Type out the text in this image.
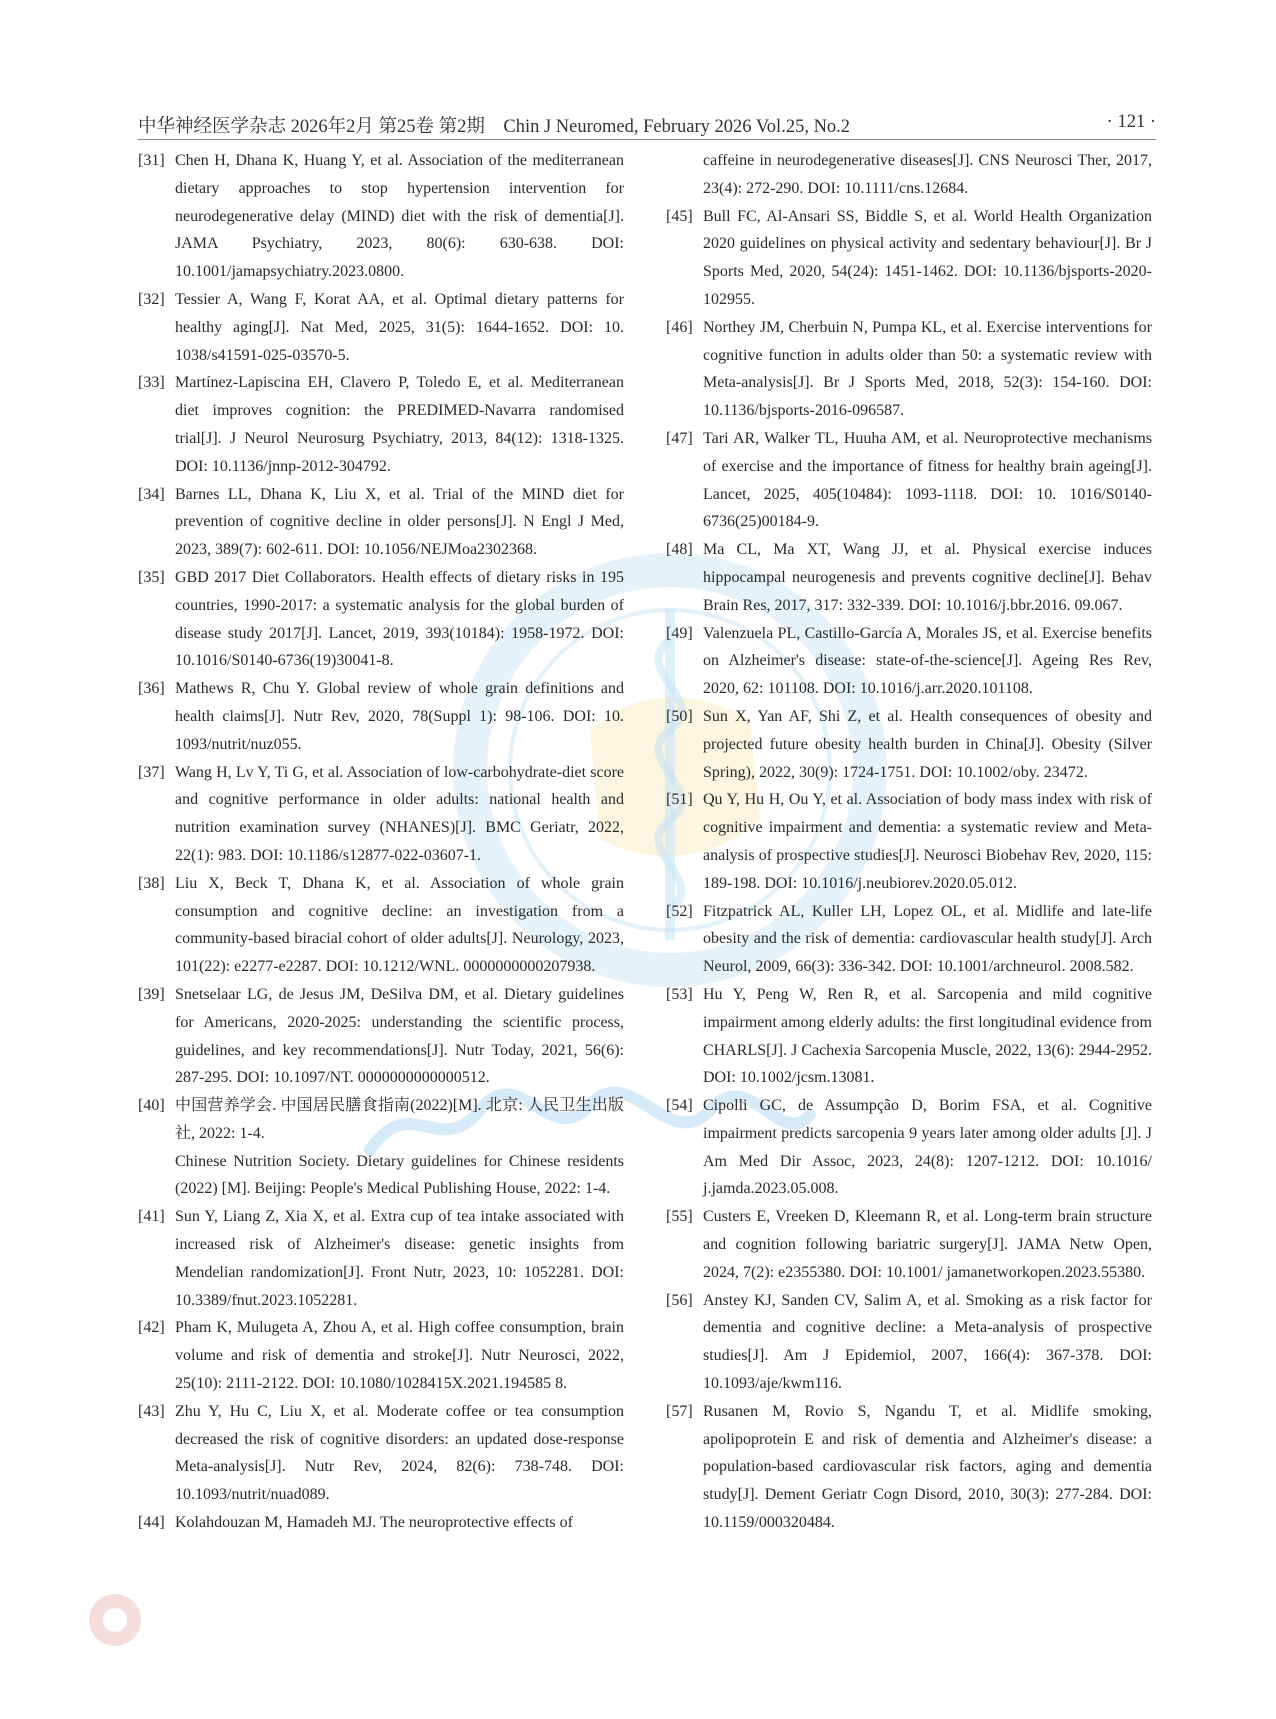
中华神经医学杂志 2026年2月 第25卷 第2期 Chin J Neuromed, February 2026 Vol.25, No.2	· 121 ·
[31] Chen H, Dhana K, Huang Y, et al. Association of the mediterranean dietary approaches to stop hypertension intervention for neurodegenerative delay (MIND) diet with the risk of dementia[J]. JAMA Psychiatry, 2023, 80(6): 630-638. DOI: 10.1001/jamapsychiatry.2023.0800.
[32] Tessier A, Wang F, Korat AA, et al. Optimal dietary patterns for healthy aging[J]. Nat Med, 2025, 31(5): 1644-1652. DOI: 10. 1038/s41591-025-03570-5.
[33] Martínez-Lapiscina EH, Clavero P, Toledo E, et al. Mediterranean diet improves cognition: the PREDIMED-Navarra randomised trial[J]. J Neurol Neurosurg Psychiatry, 2013, 84(12): 1318-1325. DOI: 10.1136/jnnp-2012-304792.
[34] Barnes LL, Dhana K, Liu X, et al. Trial of the MIND diet for prevention of cognitive decline in older persons[J]. N Engl J Med, 2023, 389(7): 602-611. DOI: 10.1056/NEJMoa2302368.
[35] GBD 2017 Diet Collaborators. Health effects of dietary risks in 195 countries, 1990-2017: a systematic analysis for the global burden of disease study 2017[J]. Lancet, 2019, 393(10184): 1958-1972. DOI: 10.1016/S0140-6736(19)30041-8.
[36] Mathews R, Chu Y. Global review of whole grain definitions and health claims[J]. Nutr Rev, 2020, 78(Suppl 1): 98-106. DOI: 10. 1093/nutrit/nuz055.
[37] Wang H, Lv Y, Ti G, et al. Association of low-carbohydrate-diet score and cognitive performance in older adults: national health and nutrition examination survey (NHANES)[J]. BMC Geriatr, 2022, 22(1): 983. DOI: 10.1186/s12877-022-03607-1.
[38] Liu X, Beck T, Dhana K, et al. Association of whole grain consumption and cognitive decline: an investigation from a community-based biracial cohort of older adults[J]. Neurology, 2023, 101(22): e2277-e2287. DOI: 10.1212/WNL. 0000000000207938.
[39] Snetselaar LG, de Jesus JM, DeSilva DM, et al. Dietary guidelines for Americans, 2020-2025: understanding the scientific process, guidelines, and key recommendations[J]. Nutr Today, 2021, 56(6): 287-295. DOI: 10.1097/NT. 0000000000000512.
[40] 中国营养学会. 中国居民膳食指南(2022)[M]. 北京: 人民卫生出版社, 2022: 1-4.
Chinese Nutrition Society. Dietary guidelines for Chinese residents (2022) [M]. Beijing: People's Medical Publishing House, 2022: 1-4.
[41] Sun Y, Liang Z, Xia X, et al. Extra cup of tea intake associated with increased risk of Alzheimer's disease: genetic insights from Mendelian randomization[J]. Front Nutr, 2023, 10: 1052281. DOI: 10.3389/fnut.2023.1052281.
[42] Pham K, Mulugeta A, Zhou A, et al. High coffee consumption, brain volume and risk of dementia and stroke[J]. Nutr Neurosci, 2022, 25(10): 2111-2122. DOI: 10.1080/1028415X.2021.194585 8.
[43] Zhu Y, Hu C, Liu X, et al. Moderate coffee or tea consumption decreased the risk of cognitive disorders: an updated dose-response Meta-analysis[J]. Nutr Rev, 2024, 82(6): 738-748. DOI: 10.1093/nutrit/nuad089.
[44] Kolahdouzan M, Hamadeh MJ. The neuroprotective effects of
caffeine in neurodegenerative diseases[J]. CNS Neurosci Ther, 2017, 23(4): 272-290. DOI: 10.1111/cns.12684.
[45] Bull FC, Al-Ansari SS, Biddle S, et al. World Health Organization 2020 guidelines on physical activity and sedentary behaviour[J]. Br J Sports Med, 2020, 54(24): 1451-1462. DOI: 10.1136/bjsports-2020-102955.
[46] Northey JM, Cherbuin N, Pumpa KL, et al. Exercise interventions for cognitive function in adults older than 50: a systematic review with Meta-analysis[J]. Br J Sports Med, 2018, 52(3): 154-160. DOI: 10.1136/bjsports-2016-096587.
[47] Tari AR, Walker TL, Huuha AM, et al. Neuroprotective mechanisms of exercise and the importance of fitness for healthy brain ageing[J]. Lancet, 2025, 405(10484): 1093-1118. DOI: 10. 1016/S0140-6736(25)00184-9.
[48] Ma CL, Ma XT, Wang JJ, et al. Physical exercise induces hippocampal neurogenesis and prevents cognitive decline[J]. Behav Brain Res, 2017, 317: 332-339. DOI: 10.1016/j.bbr.2016. 09.067.
[49] Valenzuela PL, Castillo-García A, Morales JS, et al. Exercise benefits on Alzheimer's disease: state-of-the-science[J]. Ageing Res Rev, 2020, 62: 101108. DOI: 10.1016/j.arr.2020.101108.
[50] Sun X, Yan AF, Shi Z, et al. Health consequences of obesity and projected future obesity health burden in China[J]. Obesity (Silver Spring), 2022, 30(9): 1724-1751. DOI: 10.1002/oby. 23472.
[51] Qu Y, Hu H, Ou Y, et al. Association of body mass index with risk of cognitive impairment and dementia: a systematic review and Meta-analysis of prospective studies[J]. Neurosci Biobehav Rev, 2020, 115: 189-198. DOI: 10.1016/j.neubiorev.2020.05.012.
[52] Fitzpatrick AL, Kuller LH, Lopez OL, et al. Midlife and late-life obesity and the risk of dementia: cardiovascular health study[J]. Arch Neurol, 2009, 66(3): 336-342. DOI: 10.1001/archneurol. 2008.582.
[53] Hu Y, Peng W, Ren R, et al. Sarcopenia and mild cognitive impairment among elderly adults: the first longitudinal evidence from CHARLS[J]. J Cachexia Sarcopenia Muscle, 2022, 13(6): 2944-2952. DOI: 10.1002/jcsm.13081.
[54] Cipolli GC, de Assumpção D, Borim FSA, et al. Cognitive impairment predicts sarcopenia 9 years later among older adults [J]. J Am Med Dir Assoc, 2023, 24(8): 1207-1212. DOI: 10.1016/ j.jamda.2023.05.008.
[55] Custers E, Vreeken D, Kleemann R, et al. Long-term brain structure and cognition following bariatric surgery[J]. JAMA Netw Open, 2024, 7(2): e2355380. DOI: 10.1001/ jamanetworkopen.2023.55380.
[56] Anstey KJ, Sanden CV, Salim A, et al. Smoking as a risk factor for dementia and cognitive decline: a Meta-analysis of prospective studies[J]. Am J Epidemiol, 2007, 166(4): 367-378. DOI: 10.1093/aje/kwm116.
[57] Rusanen M, Rovio S, Ngandu T, et al. Midlife smoking, apolipoprotein E and risk of dementia and Alzheimer's disease: a population-based cardiovascular risk factors, aging and dementia study[J]. Dement Geriatr Cogn Disord, 2010, 30(3): 277-284. DOI: 10.1159/000320484.
